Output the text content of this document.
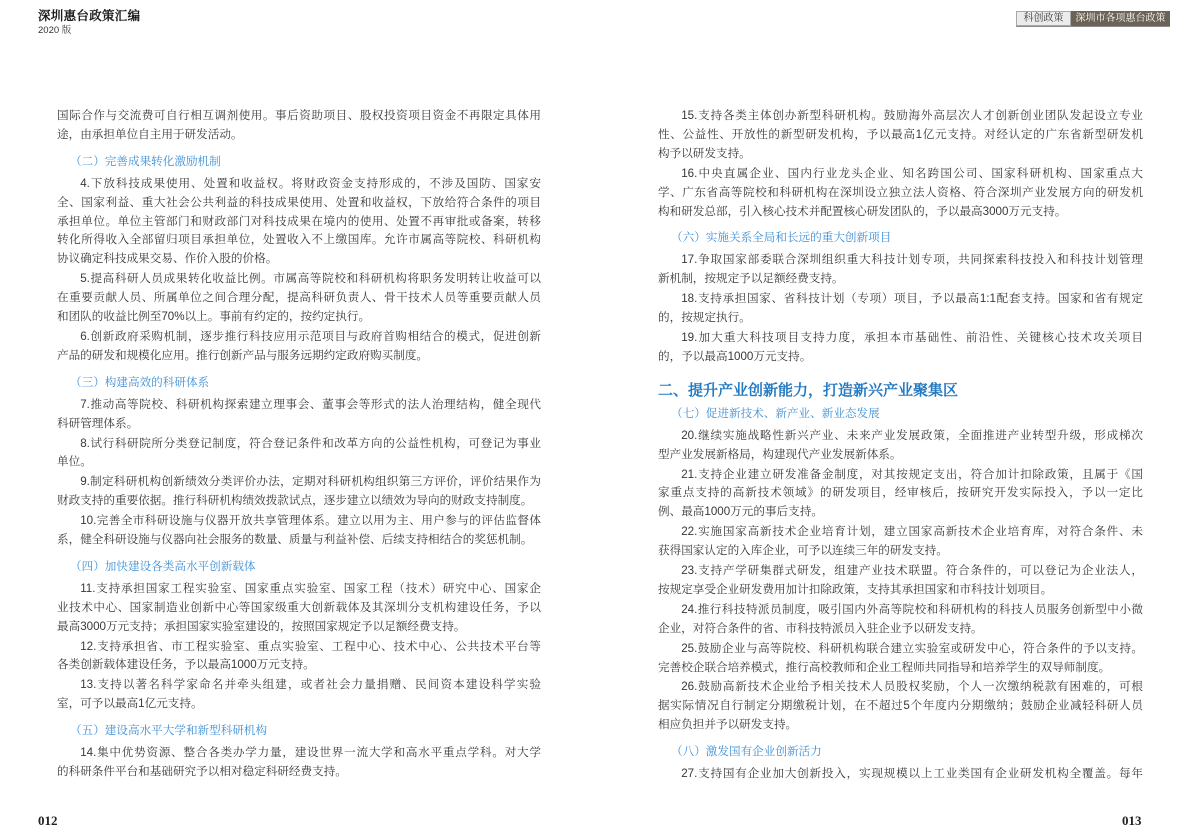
深圳惠台政策汇编
2020 版
科创政策	深圳市各项惠台政策
国际合作与交流费可自行相互调剂使用。事后资助项目、股权投资项目资金不再限定具体用
途，由承担单位自主用于研发活动。
（二）完善成果转化激励机制
4.下放科技成果使用、处置和收益权。将财政资金支持形成的，不涉及国防、国家安
全、国家利益、重大社会公共利益的科技成果使用、处置和收益权，下放给符合条件的项目
承担单位。单位主管部门和财政部门对科技成果在境内的使用、处置不再审批或备案，转移
转化所得收入全部留归项目承担单位，处置收入不上缴国库。允许市属高等院校、科研机构
协议确定科技成果交易、作价入股的价格。
5.提高科研人员成果转化收益比例。市属高等院校和科研机构将职务发明转让收益可以
在重要贡献人员、所属单位之间合理分配，提高科研负责人、骨干技术人员等重要贡献人员
和团队的收益比例至70%以上。事前有约定的，按约定执行。
6.创新政府采购机制，逐步推行科技应用示范项目与政府首购相结合的模式，促进创新
产品的研发和规模化应用。推行创新产品与服务远期约定政府购买制度。
（三）构建高效的科研体系
7.推动高等院校、科研机构探索建立理事会、董事会等形式的法人治理结构，健全现代
科研管理体系。
8.试行科研院所分类登记制度，符合登记条件和改革方向的公益性机构，可登记为事业
单位。
9.制定科研机构创新绩效分类评价办法，定期对科研机构组织第三方评价，评价结果作为
财政支持的重要依据。推行科研机构绩效拨款试点，逐步建立以绩效为导向的财政支持制度。
10.完善全市科研设施与仪器开放共享管理体系。建立以用为主、用户参与的评估监督体
系，健全科研设施与仪器向社会服务的数量、质量与利益补偿、后续支持相结合的奖惩机制。
（四）加快建设各类高水平创新载体
11.支持承担国家工程实验室、国家重点实验室、国家工程（技术）研究中心、国家企
业技术中心、国家制造业创新中心等国家级重大创新载体及其深圳分支机构建设任务，予以
最高3000万元支持；承担国家实验室建设的，按照国家规定予以足额经费支持。
12.支持承担省、市工程实验室、重点实验室、工程中心、技术中心、公共技术平台等
各类创新载体建设任务，予以最高1000万元支持。
13.支持以著名科学家命名并牵头组建，或者社会力量捐赠、民间资本建设科学实验
室，可予以最高1亿元支持。
（五）建设高水平大学和新型科研机构
14.集中优势资源、整合各类办学力量，建设世界一流大学和高水平重点学科。对大学
的科研条件平台和基础研究予以相对稳定科研经费支持。
15.支持各类主体创办新型科研机构。鼓励海外高层次人才创新创业团队发起设立专业
性、公益性、开放性的新型研发机构，予以最高1亿元支持。对经认定的广东省新型研发机
构予以研发支持。
16.中央直属企业、国内行业龙头企业、知名跨国公司、国家科研机构、国家重点大
学、广东省高等院校和科研机构在深圳设立独立法人资格、符合深圳产业发展方向的研发机
构和研发总部，引入核心技术并配置核心研发团队的，予以最高3000万元支持。
（六）实施关系全局和长远的重大创新项目
17.争取国家部委联合深圳组织重大科技计划专项，共同探索科技投入和科技计划管理
新机制，按规定予以足额经费支持。
18.支持承担国家、省科技计划（专项）项目，予以最高1:1配套支持。国家和省有规定
的，按规定执行。
19.加大重大科技项目支持力度，承担本市基础性、前沿性、关键核心技术攻关项目
的，予以最高1000万元支持。
二、提升产业创新能力，打造新兴产业聚集区
（七）促进新技术、新产业、新业态发展
20.继续实施战略性新兴产业、未来产业发展政策，全面推进产业转型升级，形成梯次
型产业发展新格局，构建现代产业发展新体系。
21.支持企业建立研发准备金制度，对其按规定支出，符合加计扣除政策，且属于《国
家重点支持的高新技术领域》的研发项目，经审核后，按研究开发实际投入，予以一定比
例、最高1000万元的事后支持。
22.实施国家高新技术企业培育计划，建立国家高新技术企业培育库，对符合条件、未
获得国家认定的入库企业，可予以连续三年的研发支持。
23.支持产学研集群式研发，组建产业技术联盟。符合条件的，可以登记为企业法人，
按规定享受企业研发费用加计扣除政策，支持其承担国家和市科技计划项目。
24.推行科技特派员制度，吸引国内外高等院校和科研机构的科技人员服务创新型中小微
企业，对符合条件的省、市科技特派员入驻企业予以研发支持。
25.鼓励企业与高等院校、科研机构联合建立实验室或研发中心，符合条件的予以支持。
完善校企联合培养模式，推行高校教师和企业工程师共同指导和培养学生的双导师制度。
26.鼓励高新技术企业给予相关技术人员股权奖励，个人一次缴纳税款有困难的，可根
据实际情况自行制定分期缴税计划，在不超过5个年度内分期缴纳；鼓励企业减轻科研人员
相应负担并予以研发支持。
（八）激发国有企业创新活力
27.支持国有企业加大创新投入，实现规模以上工业类国有企业研发机构全覆盖。每年
012	013
